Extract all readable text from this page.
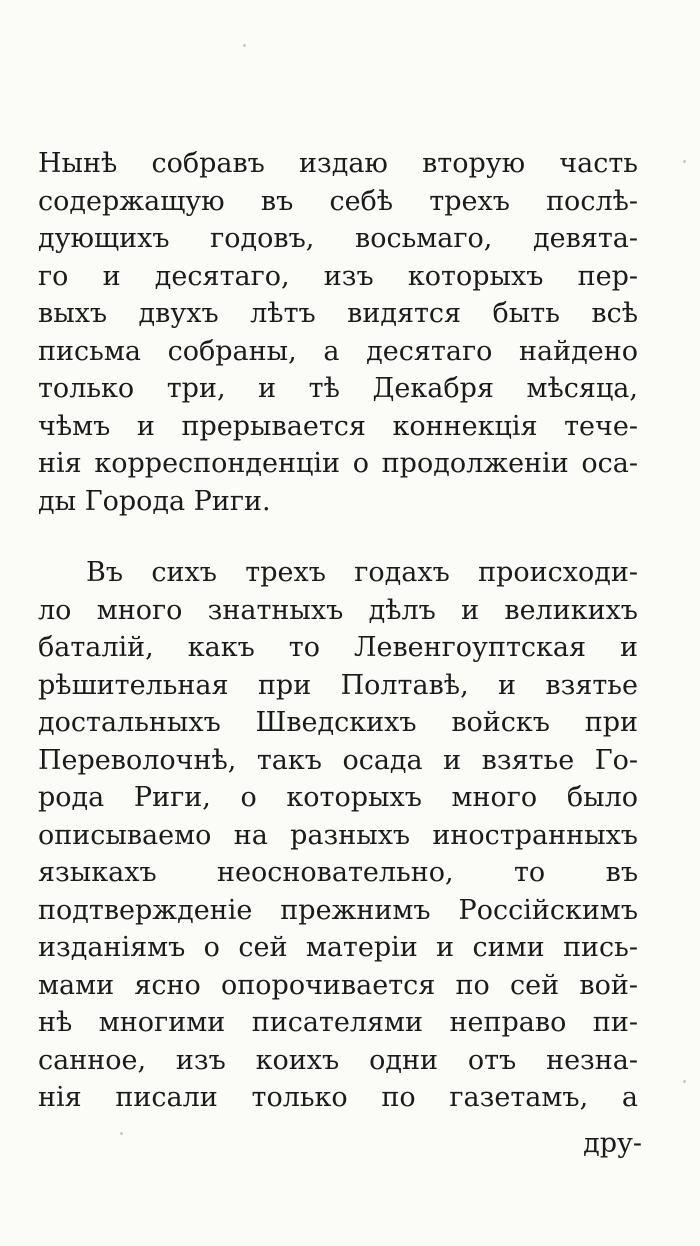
Нынѣ собравъ издаю вторую часть
содержащую въ себѣ трехъ послѣ-
дующихъ годовъ, восьмаго, девята-
го и десятаго, изъ которыхъ пер-
выхъ двухъ лѣтъ видятся быть всѣ
письма собраны, а десятаго найдено
только три, и тѣ Декабря мѣсяца,
чѣмъ и прерывается коннекція тече-
нія корреспонденціи о продолженіи оса-
ды Города Риги.
Въ сихъ трехъ годахъ происходи-
ло много знатныхъ дѣлъ и великихъ
баталій, какъ то Левенгоуптская и
рѣшительная при Полтавѣ, и взятье
достальныхъ Шведскихъ войскъ при
Переволочнѣ, такъ осада и взятье Го-
рода Риги, о которыхъ много было
описываемо на разныхъ иностранныхъ
языкахъ неосновательно, то въ
подтвержденіе прежнимъ Россійскимъ
изданіямъ о сей матеріи и сими пись-
мами ясно опорочивается по сей вой-
нѣ многими писателями неправо пи-
санное, изъ коихъ одни отъ незна-
нія писали только по газетамъ, а
дру-
